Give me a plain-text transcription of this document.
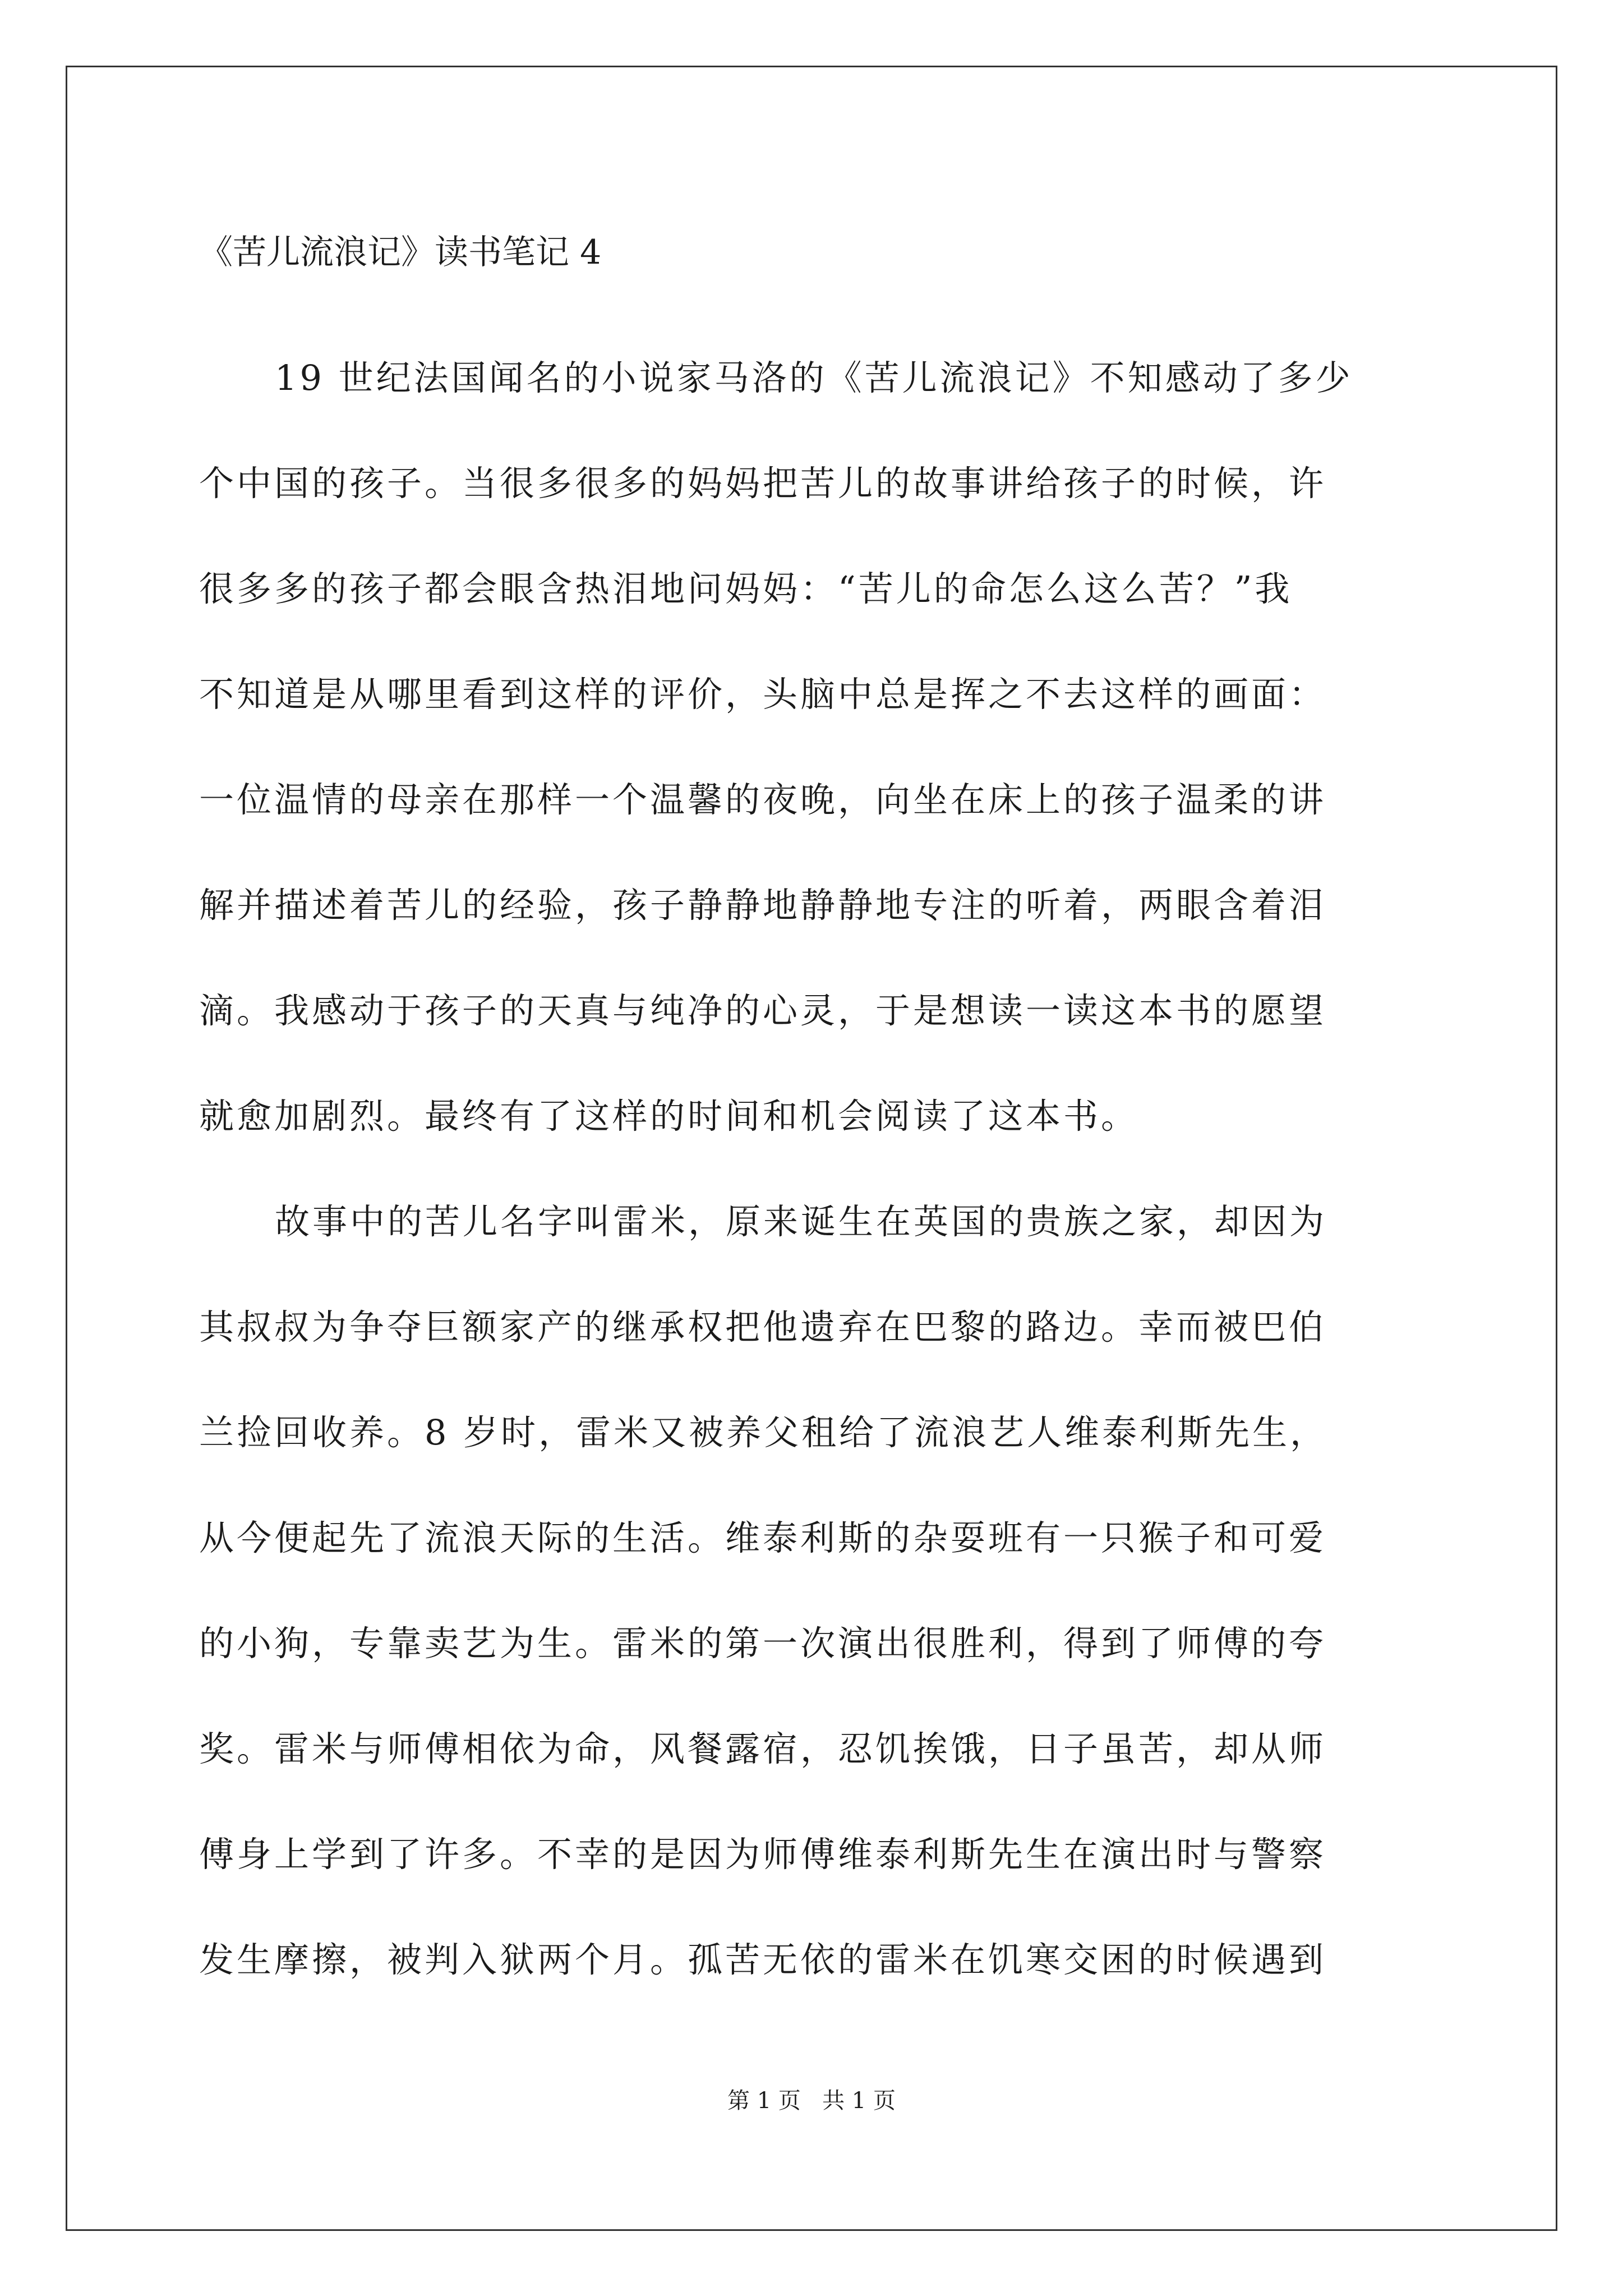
《苦儿流浪记》读书笔记 4
19 世纪法国闻名的小说家马洛的《苦儿流浪记》不知感动了多少
个中国的孩子。当很多很多的妈妈把苦儿的故事讲给孩子的时候，许
很多多的孩子都会眼含热泪地问妈妈：“苦儿的命怎么这么苦？”我
不知道是从哪里看到这样的评价，头脑中总是挥之不去这样的画面：
一位温情的母亲在那样一个温馨的夜晚，向坐在床上的孩子温柔的讲
解并描述着苦儿的经验，孩子静静地静静地专注的听着，两眼含着泪
滴。我感动于孩子的天真与纯净的心灵，于是想读一读这本书的愿望
就愈加剧烈。最终有了这样的时间和机会阅读了这本书。
故事中的苦儿名字叫雷米，原来诞生在英国的贵族之家，却因为
其叔叔为争夺巨额家产的继承权把他遗弃在巴黎的路边。幸而被巴伯
兰捡回收养。8 岁时，雷米又被养父租给了流浪艺人维泰利斯先生，
从今便起先了流浪天际的生活。维泰利斯的杂耍班有一只猴子和可爱
的小狗，专靠卖艺为生。雷米的第一次演出很胜利，得到了师傅的夸
奖。雷米与师傅相依为命，风餐露宿，忍饥挨饿，日子虽苦，却从师
傅身上学到了许多。不幸的是因为师傅维泰利斯先生在演出时与警察
发生摩擦，被判入狱两个月。孤苦无依的雷米在饥寒交困的时候遇到
第 1 页   共 1 页
